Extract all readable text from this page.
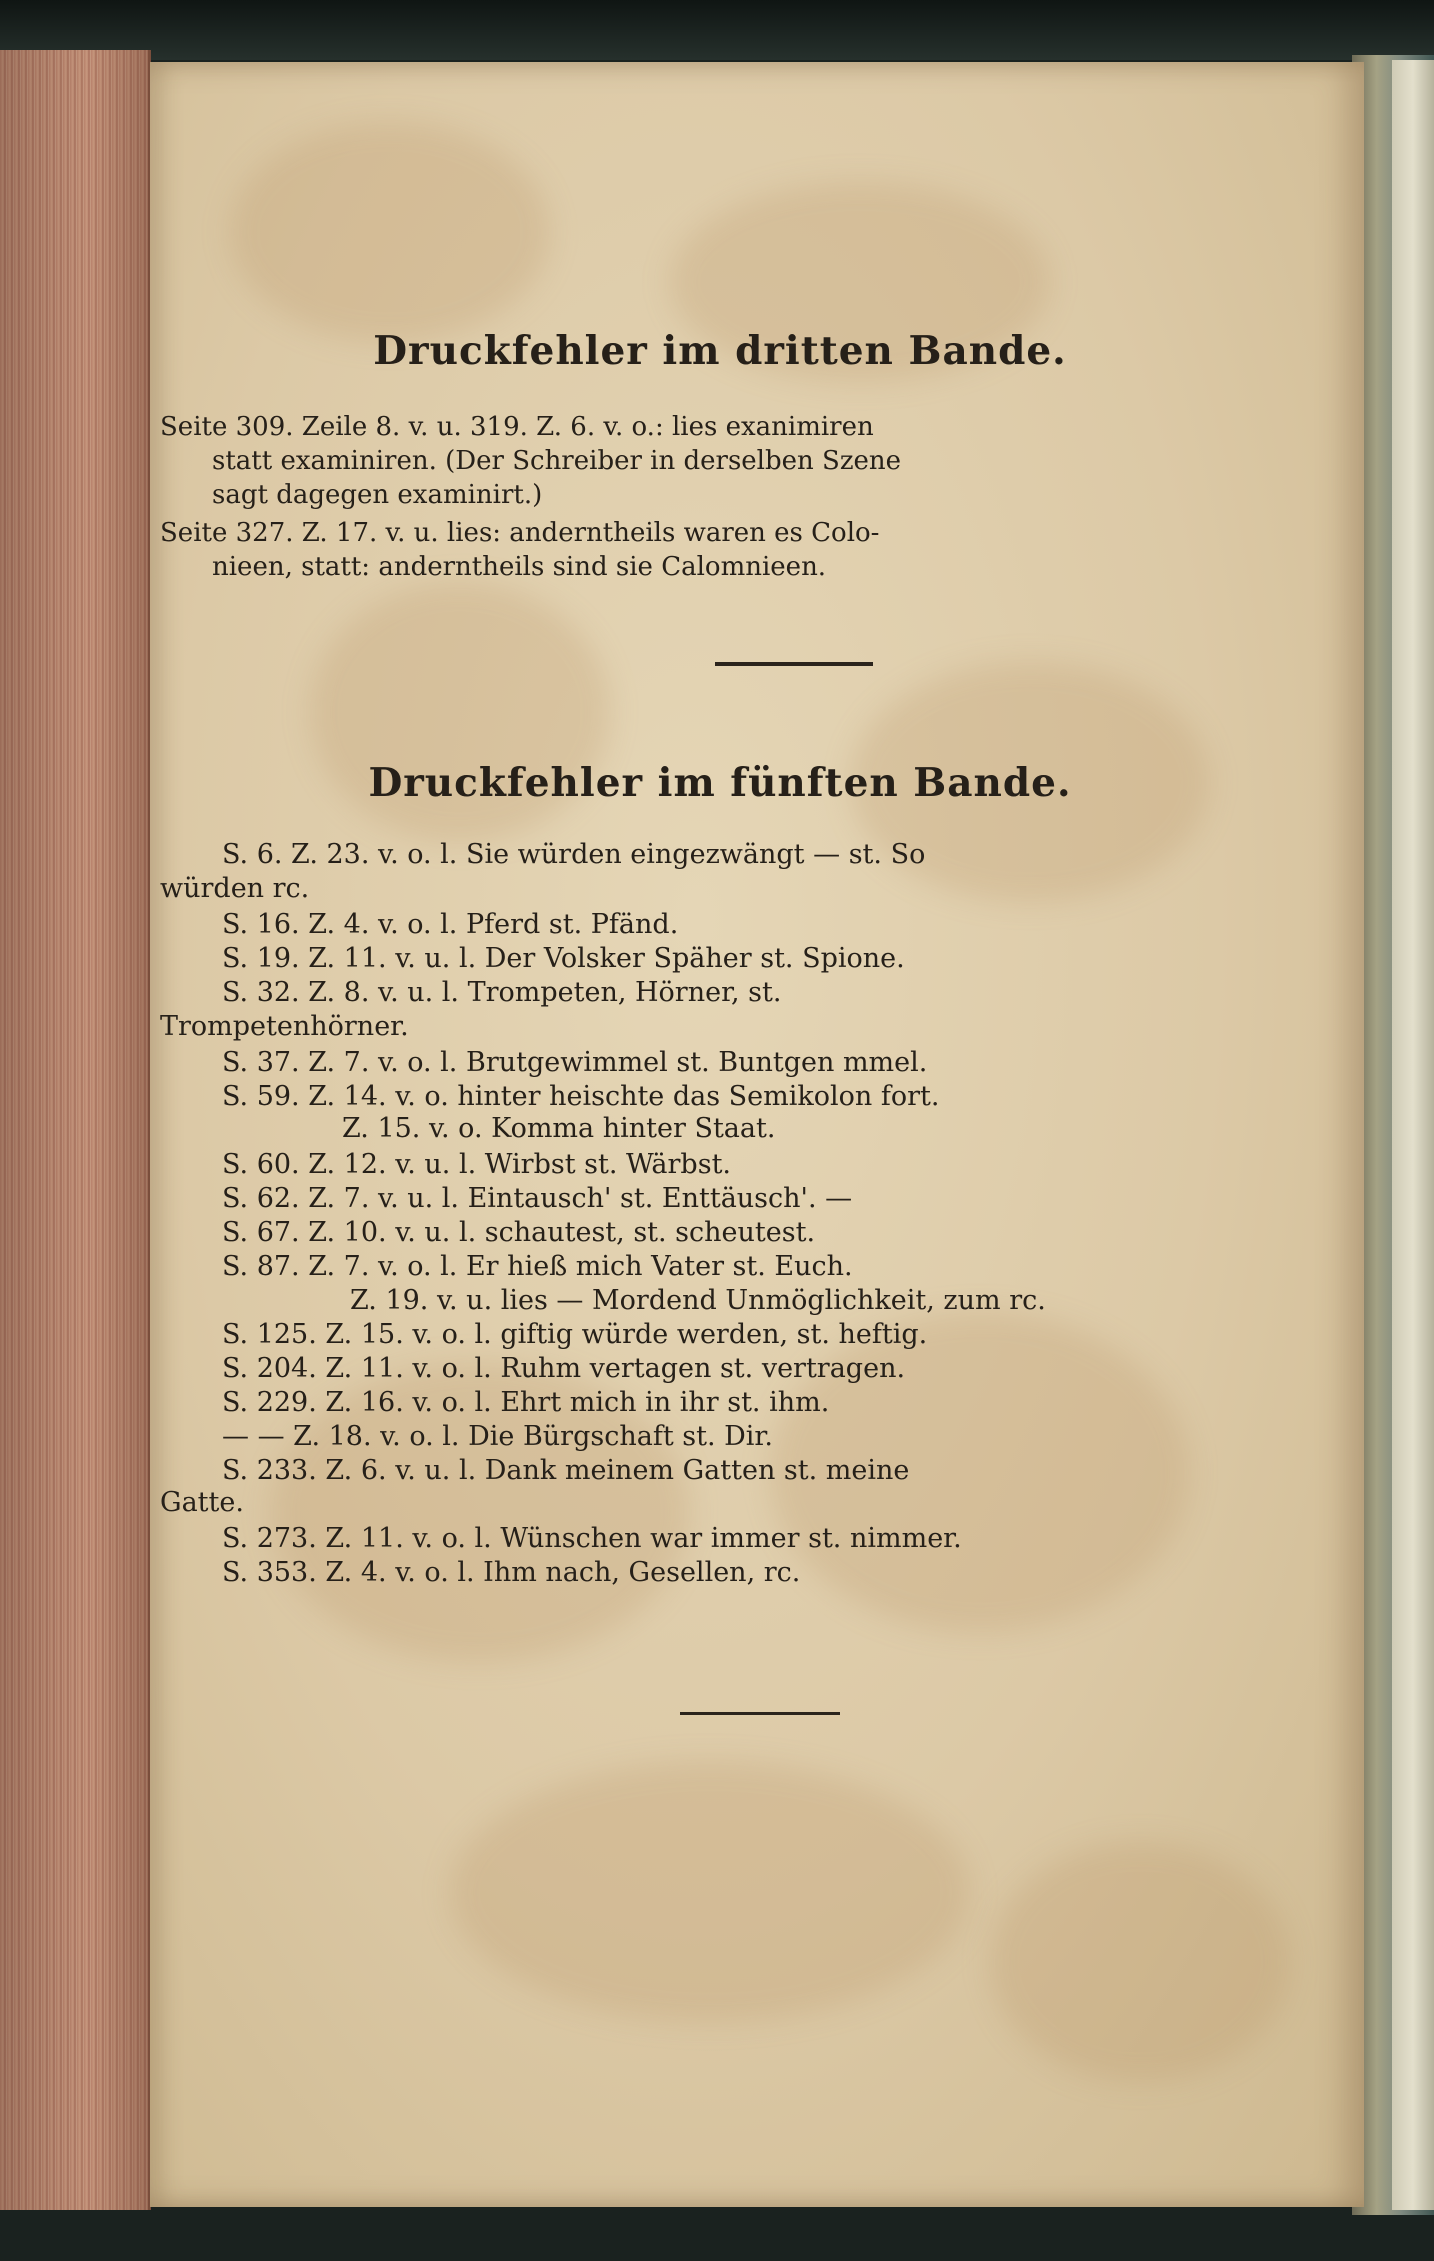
Druckfehler im dritten Bande.
Seite 309. Zeile 8. v. u. 319. Z. 6. v. o.: lies exanimiren
statt examiniren. (Der Schreiber in derselben Szene
sagt dagegen examinirt.)
Seite 327. Z. 17. v. u. lies: anderntheils waren es Colo-
nieen, statt: anderntheils sind sie Calomnieen.
Druckfehler im fünften Bande.
S. 6. Z. 23. v. o. l. Sie würden eingezwängt — st. So
würden rc.
S. 16. Z. 4. v. o. l. Pferd st. Pfänd.
S. 19. Z. 11. v. u. l. Der Volsker Späher st. Spione.
S. 32. Z. 8. v. u. l. Trompeten, Hörner, st.
Trompetenhörner.
S. 37. Z. 7. v. o. l. Brutgewimmel st. Buntgen mmel.
S. 59. Z. 14. v. o. hinter heischte das Semikolon fort.
Z. 15. v. o. Komma hinter Staat.
S. 60. Z. 12. v. u. l. Wirbst st. Wärbst.
S. 62. Z. 7. v. u. l. Eintausch' st. Enttäusch'. —
S. 67. Z. 10. v. u. l. schautest, st. scheutest.
S. 87. Z. 7. v. o. l. Er hieß mich Vater st. Euch.
Z. 19. v. u. lies — Mordend Unmöglichkeit, zum rc.
S. 125. Z. 15. v. o. l. giftig würde werden, st. heftig.
S. 204. Z. 11. v. o. l. Ruhm vertagen st. vertragen.
S. 229. Z. 16. v. o. l. Ehrt mich in ihr st. ihm.
— — Z. 18. v. o. l. Die Bürgschaft st. Dir.
S. 233. Z. 6. v. u. l. Dank meinem Gatten st. meine
Gatte.
S. 273. Z. 11. v. o. l. Wünschen war immer st. nimmer.
S. 353. Z. 4. v. o. l. Ihm nach, Gesellen, rc.
